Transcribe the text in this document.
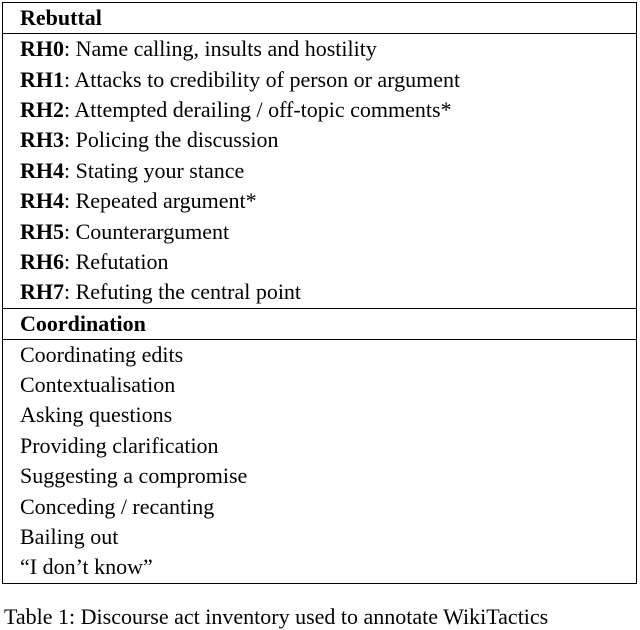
Rebuttal
RH0: Name calling, insults and hostility
RH1: Attacks to credibility of person or argument
RH2: Attempted derailing / off-topic comments*
RH3: Policing the discussion
RH4: Stating your stance
RH4: Repeated argument*
RH5: Counterargument
RH6: Refutation
RH7: Refuting the central point
Coordination
Coordinating edits
Contextualisation
Asking questions
Providing clarification
Suggesting a compromise
Conceding / recanting
Bailing out
“I don’t know”
Table 1: Discourse act inventory used to annotate WikiTactics
